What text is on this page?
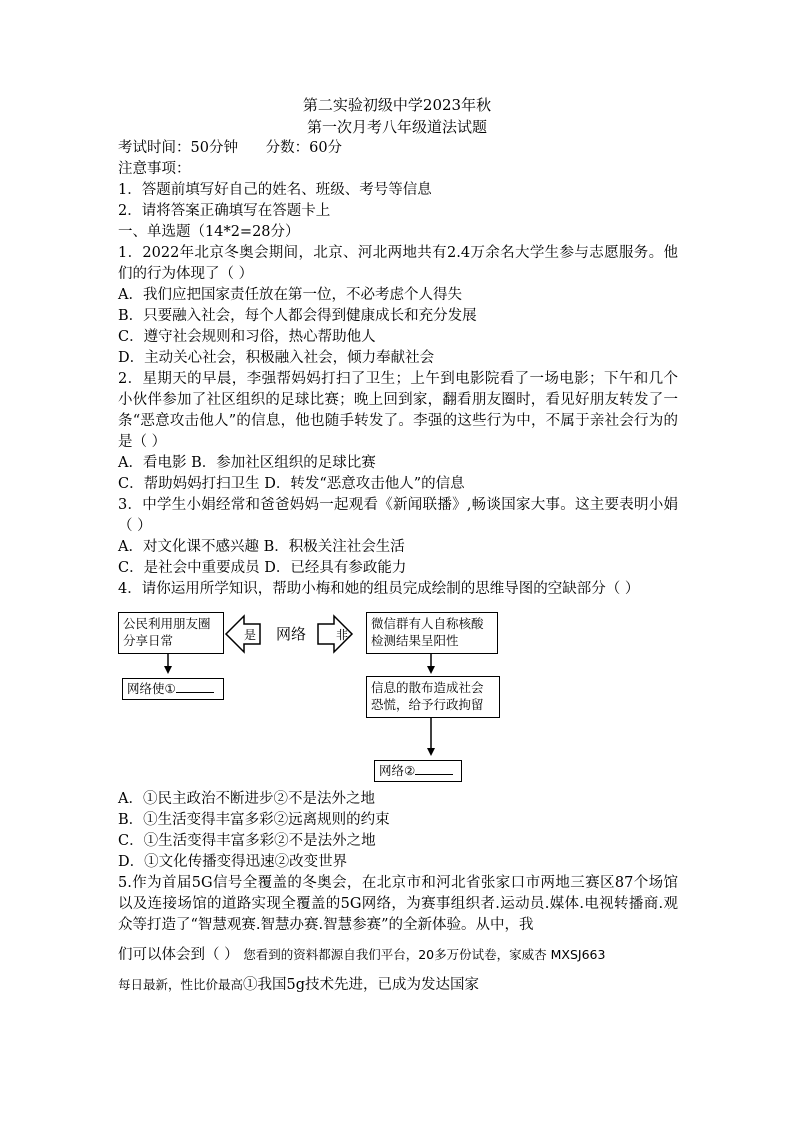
第二实验初级中学2023年秋
第一次月考八年级道法试题

考试时间：50分钟 分数：60分

注意事项：

1．答题前填写好自己的姓名、班级、考号等信息

2．请将答案正确填写在答题卡上

一、单选题（14*2=28分）

1．2022年北京冬奥会期间，北京、河北两地共有2.4万余名大学生参与志愿服务。他们的行为体现了（ ）

A．我们应把国家责任放在第一位，不必考虑个人得失

B．只要融入社会，每个人都会得到健康成长和充分发展

C．遵守社会规则和习俗，热心帮助他人

D．主动关心社会，积极融入社会，倾力奉献社会

2．星期天的早晨，李强帮妈妈打扫了卫生；上午到电影院看了一场电影；下午和几个小伙伴参加了社区组织的足球比赛；晚上回到家，翻看朋友圈时，看见好朋友转发了一条“恶意攻击他人”的信息，他也随手转发了。李强的这些行为中，不属于亲社会行为的是（ ）

A．看电影 B．参加社区组织的足球比赛

C．帮助妈妈打扫卫生 D．转发“恶意攻击他人”的信息

3．中学生小娟经常和爸爸妈妈一起观看《新闻联播》,畅谈国家大事。这主要表明小娟（ ）

A．对文化课不感兴趣 B．积极关注社会生活

C．是社会中重要成员 D．已经具有参政能力

4．请你运用所学知识，帮助小梅和她的组员完成绘制的思维导图的空缺部分（ ）

公民利用朋友圈分享日常	是 网络 非
微信群有人自称核酸检测结果呈阳性
网络使①	信息的散布造成社会恐慌，给予行政拘留
网络②

A．①民主政治不断进步②不是法外之地

B．①生活变得丰富多彩②远离规则的约束

C．①生活变得丰富多彩②不是法外之地

D．①文化传播变得迅速②改变世界

5.作为首届5G信号全覆盖的冬奥会，在北京市和河北省张家口市两地三赛区87个场馆以及连接场馆的道路实现全覆盖的5G网络，为赛事组织者.运动员.媒体.电视转播商.观众等打造了“智慧观赛.智慧办赛.智慧参赛”的全新体验。从中，我

们可以体会到（ ） 您看到的资料都源自我们平台，20多万份试卷，家威杏 MXSJ663

每日最新，性比价最高①我国5g技术先进，已成为发达国家
